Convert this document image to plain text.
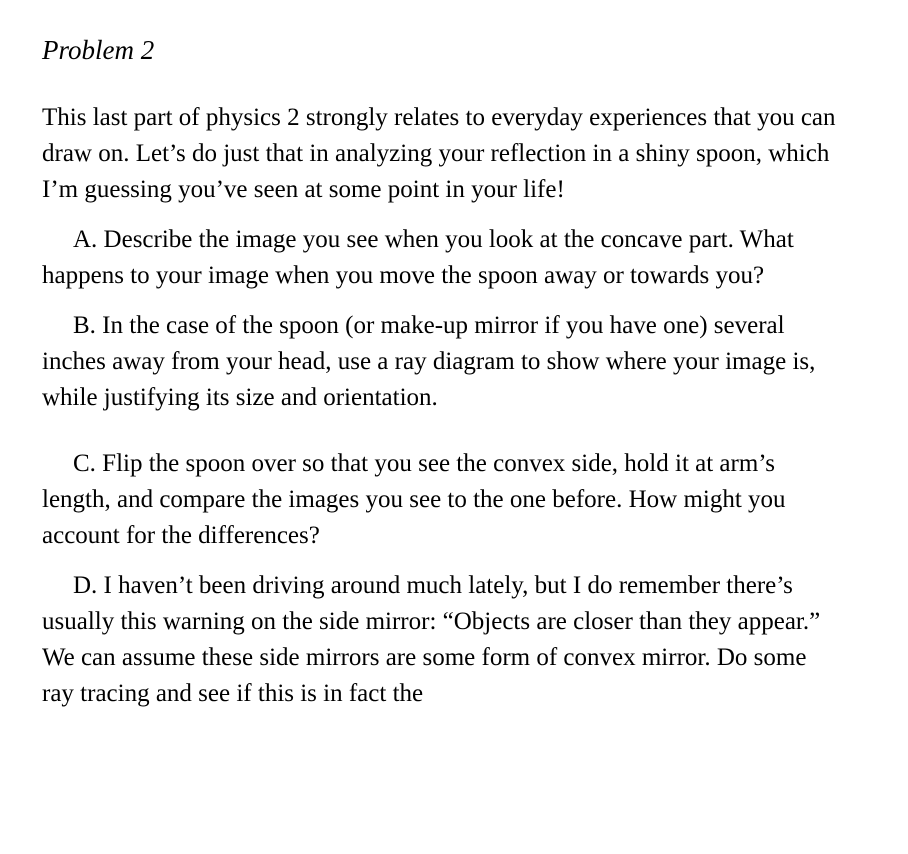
Problem 2

This last part of physics 2 strongly relates to everyday experiences that you can draw on. Let’s do just that in analyzing your reflection in a shiny spoon, which I’m guessing you’ve seen at some point in your life!

A. Describe the image you see when you look at the concave part. What happens to your image when you move the spoon away or towards you?

B. In the case of the spoon (or make-up mirror if you have one) several inches away from your head, use a ray diagram to show where your image is, while justifying its size and orientation.

C. Flip the spoon over so that you see the convex side, hold it at arm’s length, and compare the images you see to the one before. How might you account for the differences?

D. I haven’t been driving around much lately, but I do remember there’s usually this warning on the side mirror: “Objects are closer than they appear.” We can assume these side mirrors are some form of convex mirror. Do some ray tracing and see if this is in fact the
